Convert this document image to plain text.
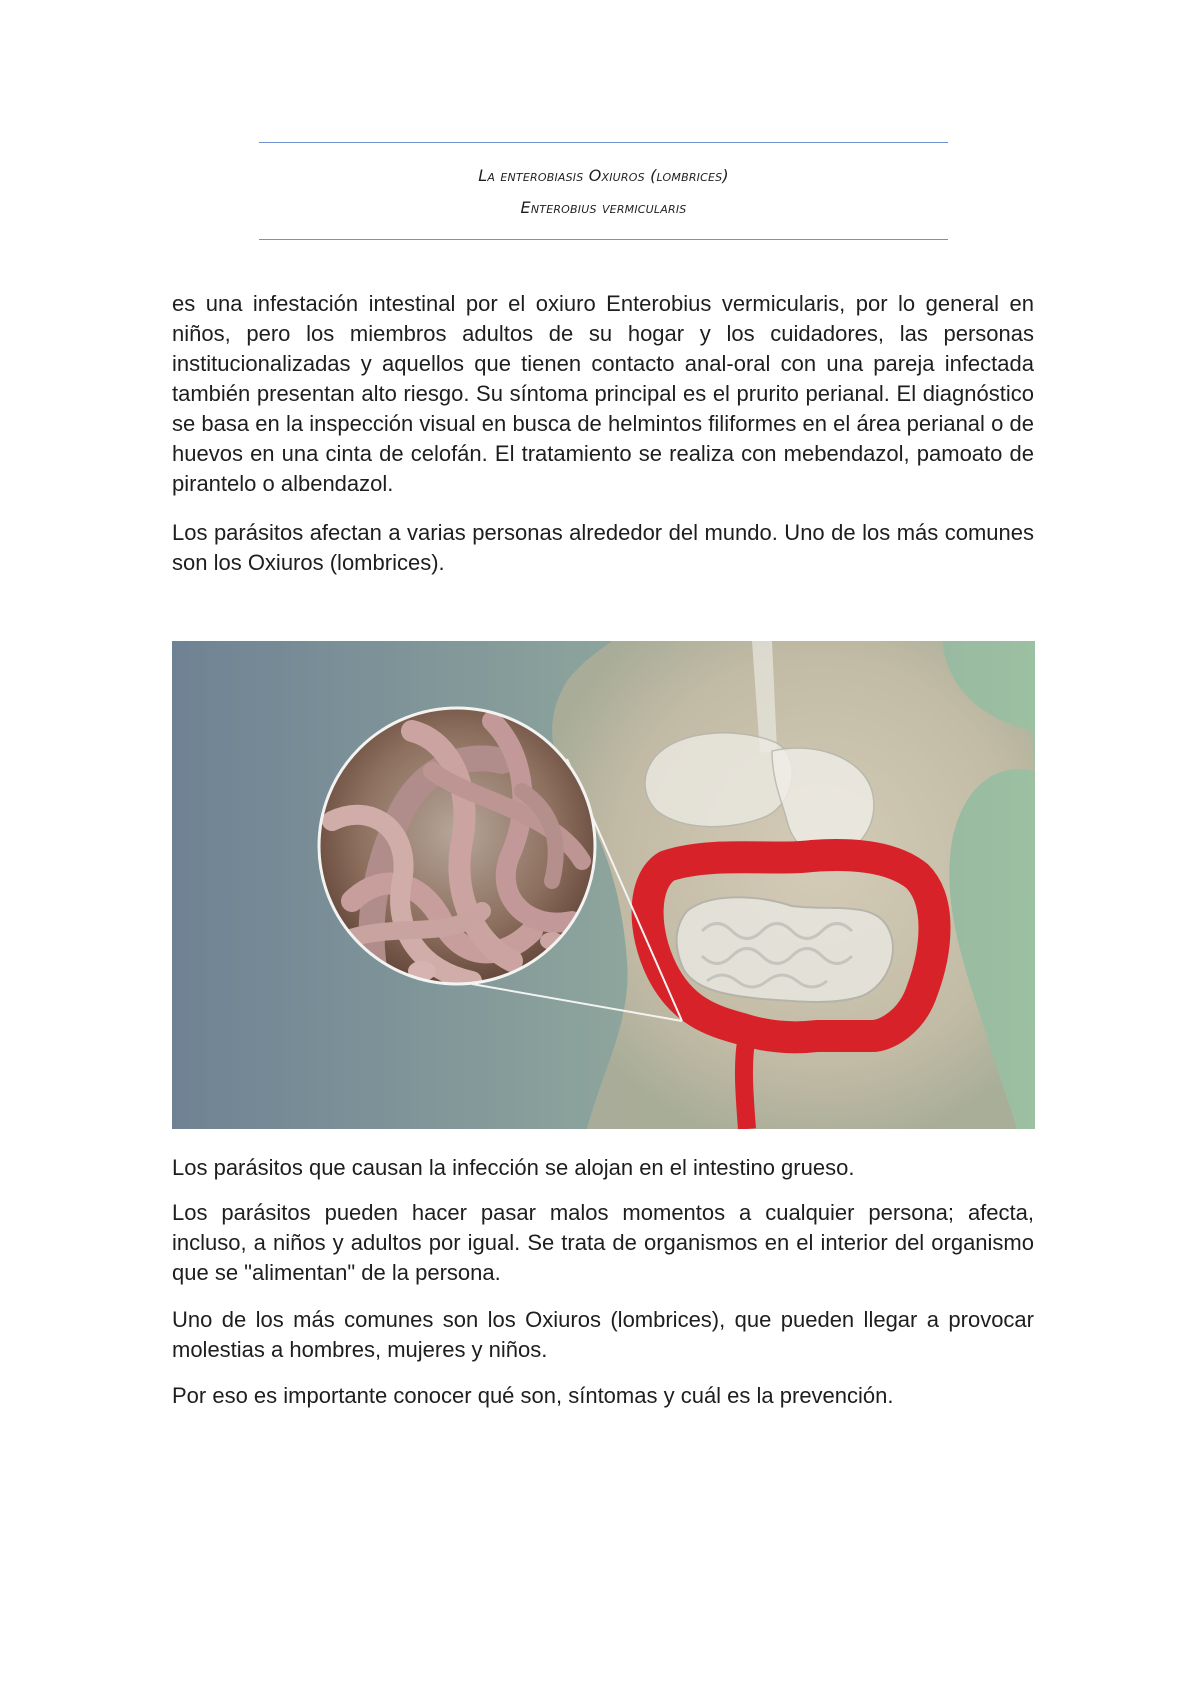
La enterobiasis Oxiuros (lombrices)
Enterobius vermicularis

es una infestación intestinal por el oxiuro Enterobius vermicularis, por lo general en niños, pero los miembros adultos de su hogar y los cuidadores, las personas institucionalizadas y aquellos que tienen contacto anal-oral con una pareja infectada también presentan alto riesgo. Su síntoma principal es el prurito perianal. El diagnóstico se basa en la inspección visual en busca de helmintos filiformes en el área perianal o de huevos en una cinta de celofán. El tratamiento se realiza con mebendazol, pamoato de pirantelo o albendazol.

Los parásitos afectan a varias personas alrededor del mundo. Uno de los más comunes son los Oxiuros (lombrices).

Los parásitos que causan la infección se alojan en el intestino grueso.

Los parásitos pueden hacer pasar malos momentos a cualquier persona; afecta, incluso, a niños y adultos por igual. Se trata de organismos en el interior del organismo que se "alimentan" de la persona.

Uno de los más comunes son los Oxiuros (lombrices), que pueden llegar a provocar molestias a hombres, mujeres y niños.

Por eso es importante conocer qué son, síntomas y cuál es la prevención.
